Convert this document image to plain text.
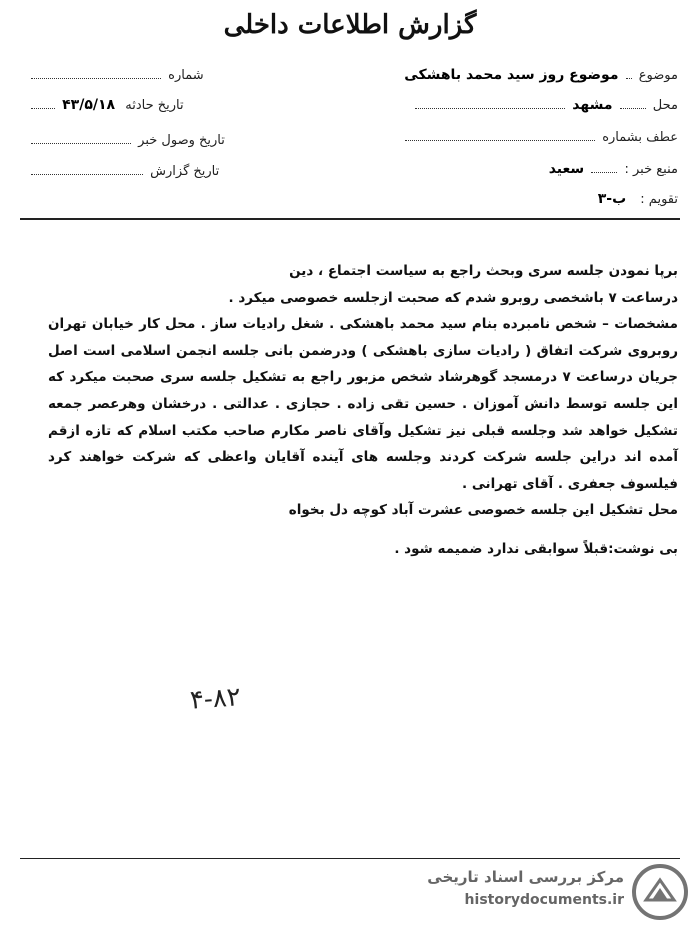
گزارش اطلاعات داخلی
شماره
تاریخ حادثه ۴۳/۵/۱۸
تاریخ وصول خبر
تاریخ گزارش
موضوع  موضوع روز سید محمد باهشکی
محل  مشهد
عطف بشماره
منبع خبر :  سعید
تقویم : ب-۳

برپا نمودن جلسه سری وبحث راجع به سیاست اجتماع ، دین

درساعت ۷ باشخصی روبرو شدم که صحبت ازجلسه خصوصی میکرد .

مشخصات – شخص نامبرده بنام سید محمد باهشکی . شغل رادیات ساز . محل کار خیابان تهران روبروی شرکت اتفاق ( رادیات سازی باهشکی ) ودرضمن بانی جلسه انجمن اسلامی است اصل جریان درساعت ۷ درمسجد گوهرشاد شخص مزبور راجع به تشکیل جلسه سری صحبت میکرد که این جلسه توسط دانش آموزان . حسین تقی زاده . حجازی . عدالتی . درخشان وهرعصر جمعه تشکیل خواهد شد وجلسه قبلی نیز تشکیل وآقای ناصر مکارم صاحب مکتب اسلام که تازه ازقم آمده اند دراین جلسه شرکت کردند وجلسه های آینده آقایان واعظی که شرکت خواهند کرد فیلسوف جعفری . آقای تهرانی .

محل تشکیل این جلسه خصوصی عشرت آباد کوچه دل بخواه

بی نوشت:قبلاً سوابقی ندارد ضمیمه شود .

۴-۸۲
مرکز بررسی اسناد تاریخی
historydocuments.ir
